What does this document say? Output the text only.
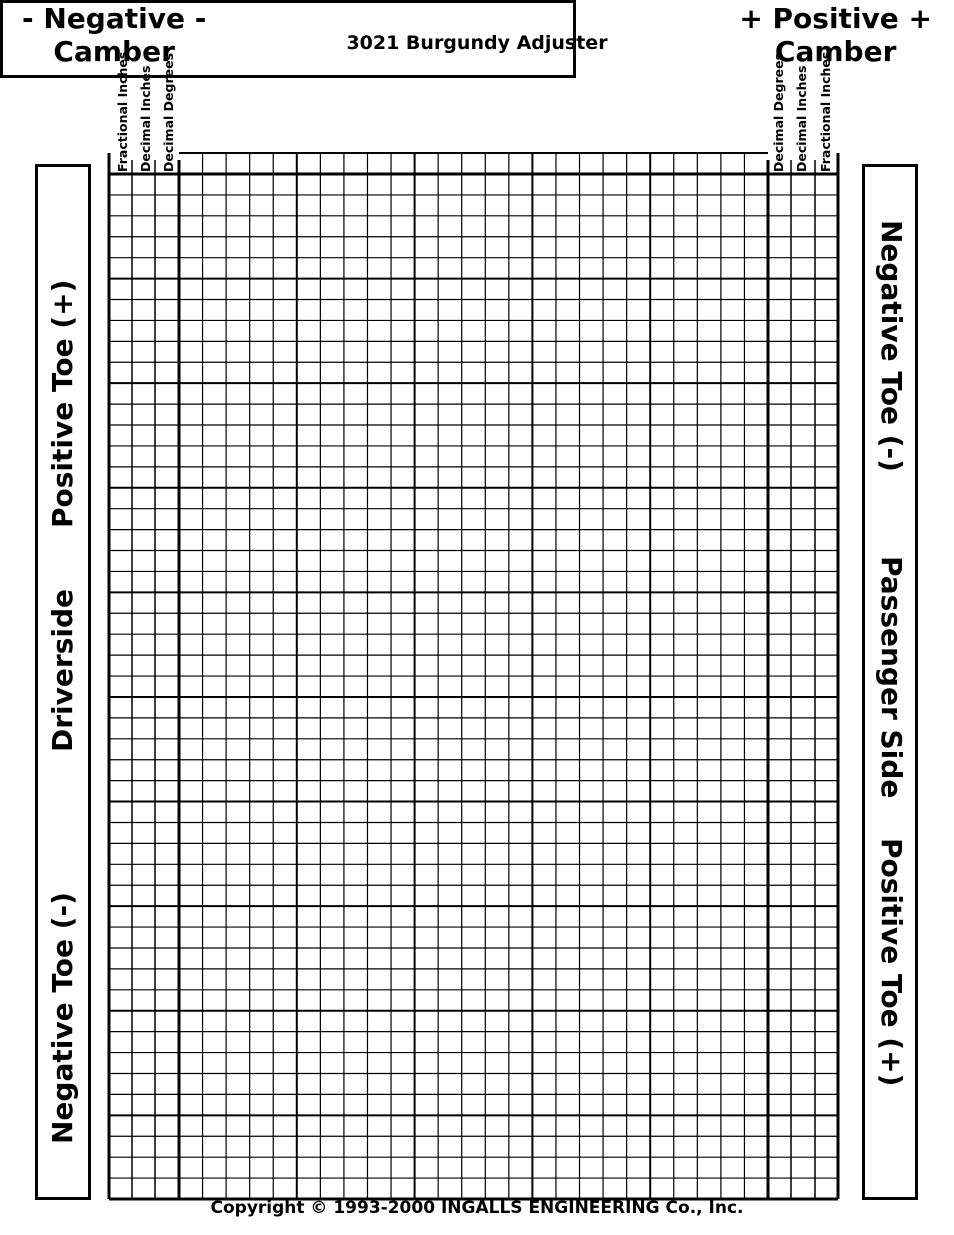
3021 Burgundy Adjuster
- Negative -
Camber
+ Positive +
Camber
Fractional Inches Decimal Inches Decimal Degrees	Decimal Degrees Decimal Inches Fractional Inches
Negative Toe (-)
Driverside
Positive Toe (+)	Negative Toe (-)
Passenger Side
Positive Toe (+)
Copyright © 1993-2000 INGALLS ENGINEERING Co., Inc.
